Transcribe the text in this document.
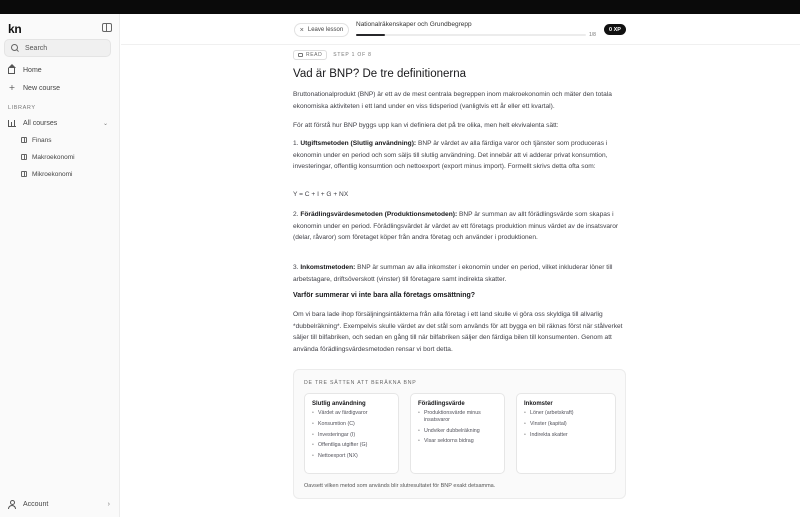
kn
Search
Home
+ New course
LIBRARY
All courses	⌄
Finans
Makroekonomi
Mikroekonomi
Account	›
× Leave lesson
Nationalräkenskaper och Grundbegrepp
1/8
0 XP
READ STEP 1 OF 8
Vad är BNP? De tre definitionerna

Bruttonationalprodukt (BNP) är ett av de mest centrala begreppen inom makroekonomin och mäter den totala ekonomiska aktiviteten i ett land under en viss tidsperiod (vanligtvis ett år eller ett kvartal).

För att förstå hur BNP byggs upp kan vi definiera det på tre olika, men helt ekvivalenta sätt:

1. Utgiftsmetoden (Slutlig användning): BNP är värdet av alla färdiga varor och tjänster som produceras i ekonomin under en period och som säljs till slutlig användning. Det innebär att vi adderar privat konsumtion, investeringar, offentlig konsumtion och nettoexport (export minus import). Formellt skrivs detta ofta som:

Y = C + I + G + NX

2. Förädlingsvärdesmetoden (Produktionsmetoden): BNP är summan av allt förädlingsvärde som skapas i ekonomin under en period. Förädlingsvärdet är värdet av ett företags produktion minus värdet av de insatsvaror (delar, råvaror) som företaget köper från andra företag och använder i produktionen.

3. Inkomstmetoden: BNP är summan av alla inkomster i ekonomin under en period, vilket inkluderar löner till arbetstagare, driftsöverskott (vinster) till företagare samt indirekta skatter.

Varför summerar vi inte bara alla företags omsättning?

Om vi bara lade ihop försäljningsintäkterna från alla företag i ett land skulle vi göra oss skyldiga till allvarlig *dubbelräkning*. Exempelvis skulle värdet av det stål som används för att bygga en bil räknas först när stålverket säljer till bilfabriken, och sedan en gång till när bilfabriken säljer den färdiga bilen till konsumenten. Genom att använda förädlingsvärdesmetoden rensar vi bort detta.

DE TRE SÄTTEN ATT BERÄKNA BNP
Slutlig användning
• Värdet av färdigvaror
• Konsumtion (C)
• Investeringar (I)
• Offentliga utgifter (G)
• Nettoexport (NX)
Förädlingsvärde
• Produktionsvärde minus insatsvaror
• Undviker dubbelräkning
• Visar sektorns bidrag
Inkomster
• Löner (arbetskraft)
• Vinster (kapital)
• Indirekta skatter
Oavsett vilken metod som används blir slutresultatet för BNP exakt detsamma.
